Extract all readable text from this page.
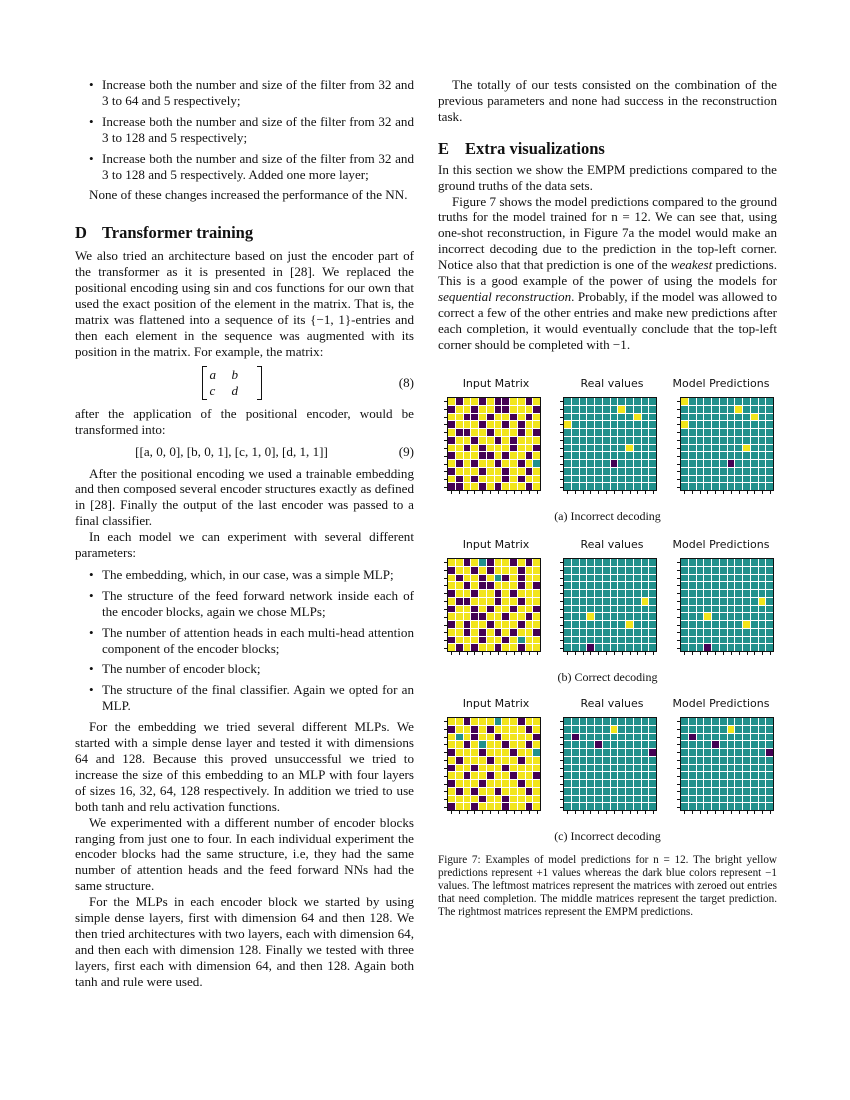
• Increase both the number and size of the filter from 32 and 3 to 64 and 5 respectively;
• Increase both the number and size of the filter from 32 and 3 to 128 and 5 respectively;
• Increase both the number and size of the filter from 32 and 3 to 128 and 5 respectively. Added one more layer;

None of these changes increased the performance of the NN.

D Transformer training

We also tried an architecture based on just the encoder part of the transformer as it is presented in [28]. We replaced the positional encoding using sin and cos functions for our own that used the exact position of the element in the matrix. That is, the matrix was flattened into a sequence of its {−1, 1}-entries and then each element in the sequence was augmented with its position in the matrix. For example, the matrix:

a	b
c	d
(8)

after the application of the positional encoder, would be transformed into:

[[a, 0, 0], [b, 0, 1], [c, 1, 0], [d, 1, 1]]	(9)

After the positional encoding we used a trainable embedding and then composed several encoder structures exactly as defined in [28]. Finally the output of the last encoder was passed to a final classifier.

In each model we can experiment with several different parameters:

• The embedding, which, in our case, was a simple MLP;
• The structure of the feed forward network inside each of the encoder blocks, again we chose MLPs;
• The number of attention heads in each multi-head attention component of the encoder blocks;
• The number of encoder block;
• The structure of the final classifier. Again we opted for an MLP.

For the embedding we tried several different MLPs. We started with a simple dense layer and tested it with dimensions 64 and 128. Because this proved unsuccessful we tried to increase the size of this embedding to an MLP with four layers of sizes 16, 32, 64, 128 respectively. In addition we tried to use both tanh and relu activation functions.

We experimented with a different number of encoder blocks ranging from just one to four. In each individual experiment the encoder blocks had the same structure, i.e, they had the same number of attention heads and the feed forward NNs had the same structure.

For the MLPs in each encoder block we started by using simple dense layers, first with dimension 64 and then 128. We then tried architectures with two layers, each with dimension 64, and then each with dimension 128. Finally we tested with three layers, first each with dimension 64, and then 128. Again both tanh and rule were used.

The totally of our tests consisted on the combination of the previous parameters and none had success in the reconstruction task.

E Extra visualizations

In this section we show the EMPM predictions compared to the ground truths of the data sets.

Figure 7 shows the model predictions compared to the ground truths for the model trained for n = 12. We can see that, using one-shot reconstruction, in Figure 7a the model would make an incorrect decoding due to the prediction in the top-left corner. Notice also that that prediction is one of the weakest predictions. This is a good example of the power of using the models for sequential reconstruction. Probably, if the model was allowed to correct a few of the other entries and make new predictions after each completion, it would eventually conclude that the top-left corner should be completed with −1.

Input Matrix	Real values	Model Predictions
(a) Incorrect decoding
Input Matrix	Real values	Model Predictions
(b) Correct decoding
Input Matrix	Real values	Model Predictions
(c) Incorrect decoding

Figure 7: Examples of model predictions for n = 12. The bright yellow predictions represent +1 values whereas the dark blue colors represent −1 values. The leftmost matrices represent the matrices with zeroed out entries that need completion. The middle matrices represent the target prediction. The rightmost matrices represent the EMPM predictions.
